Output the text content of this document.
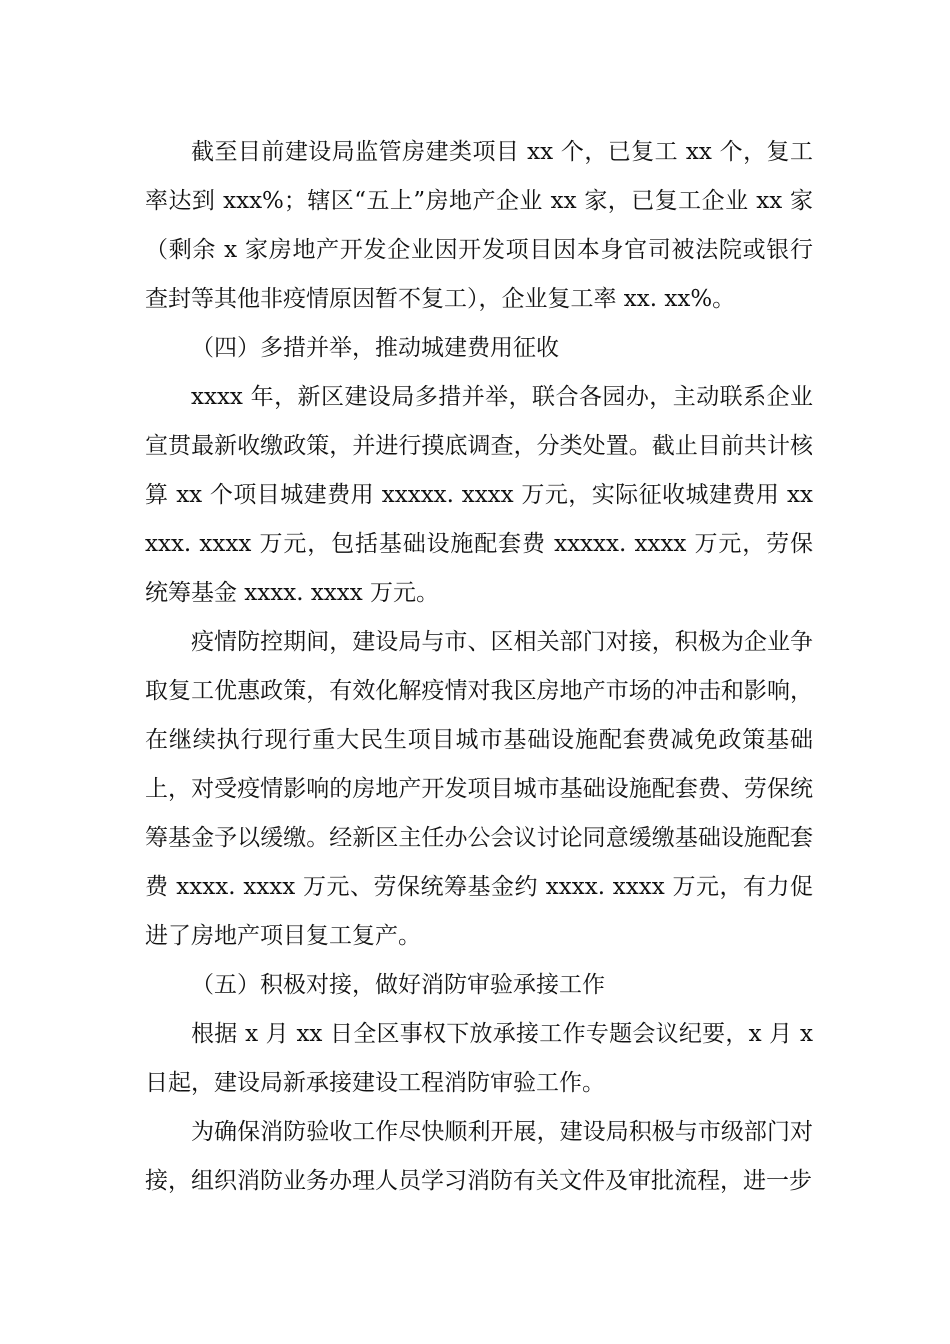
截至目前建设局监管房建类项目 xx 个，已复工 xx 个，复工率达到 xxx%；辖区“五上”房地产企业 xx 家，已复工企业 xx 家（剩余 x 家房地产开发企业因开发项目因本身官司被法院或银行查封等其他非疫情原因暂不复工），企业复工率 xx. xx%。

（四）多措并举，推动城建费用征收

xxxx 年，新区建设局多措并举，联合各园办，主动联系企业宣贯最新收缴政策，并进行摸底调查，分类处置。截止目前共计核算 xx 个项目城建费用 xxxxx. xxxx 万元，实际征收城建费用 xxxxx. xxxx 万元，包括基础设施配套费 xxxxx. xxxx 万元，劳保统筹基金 xxxx. xxxx 万元。

疫情防控期间，建设局与市、区相关部门对接，积极为企业争取复工优惠政策，有效化解疫情对我区房地产市场的冲击和影响，在继续执行现行重大民生项目城市基础设施配套费减免政策基础上，对受疫情影响的房地产开发项目城市基础设施配套费、劳保统筹基金予以缓缴。经新区主任办公会议讨论同意缓缴基础设施配套费 xxxx. xxxx 万元、劳保统筹基金约 xxxx. xxxx 万元，有力促进了房地产项目复工复产。

（五）积极对接，做好消防审验承接工作

根据 x 月 xx 日全区事权下放承接工作专题会议纪要，x 月 x 日起，建设局新承接建设工程消防审验工作。

为确保消防验收工作尽快顺利开展，建设局积极与市级部门对接，组织消防业务办理人员学习消防有关文件及审批流程，进一步
